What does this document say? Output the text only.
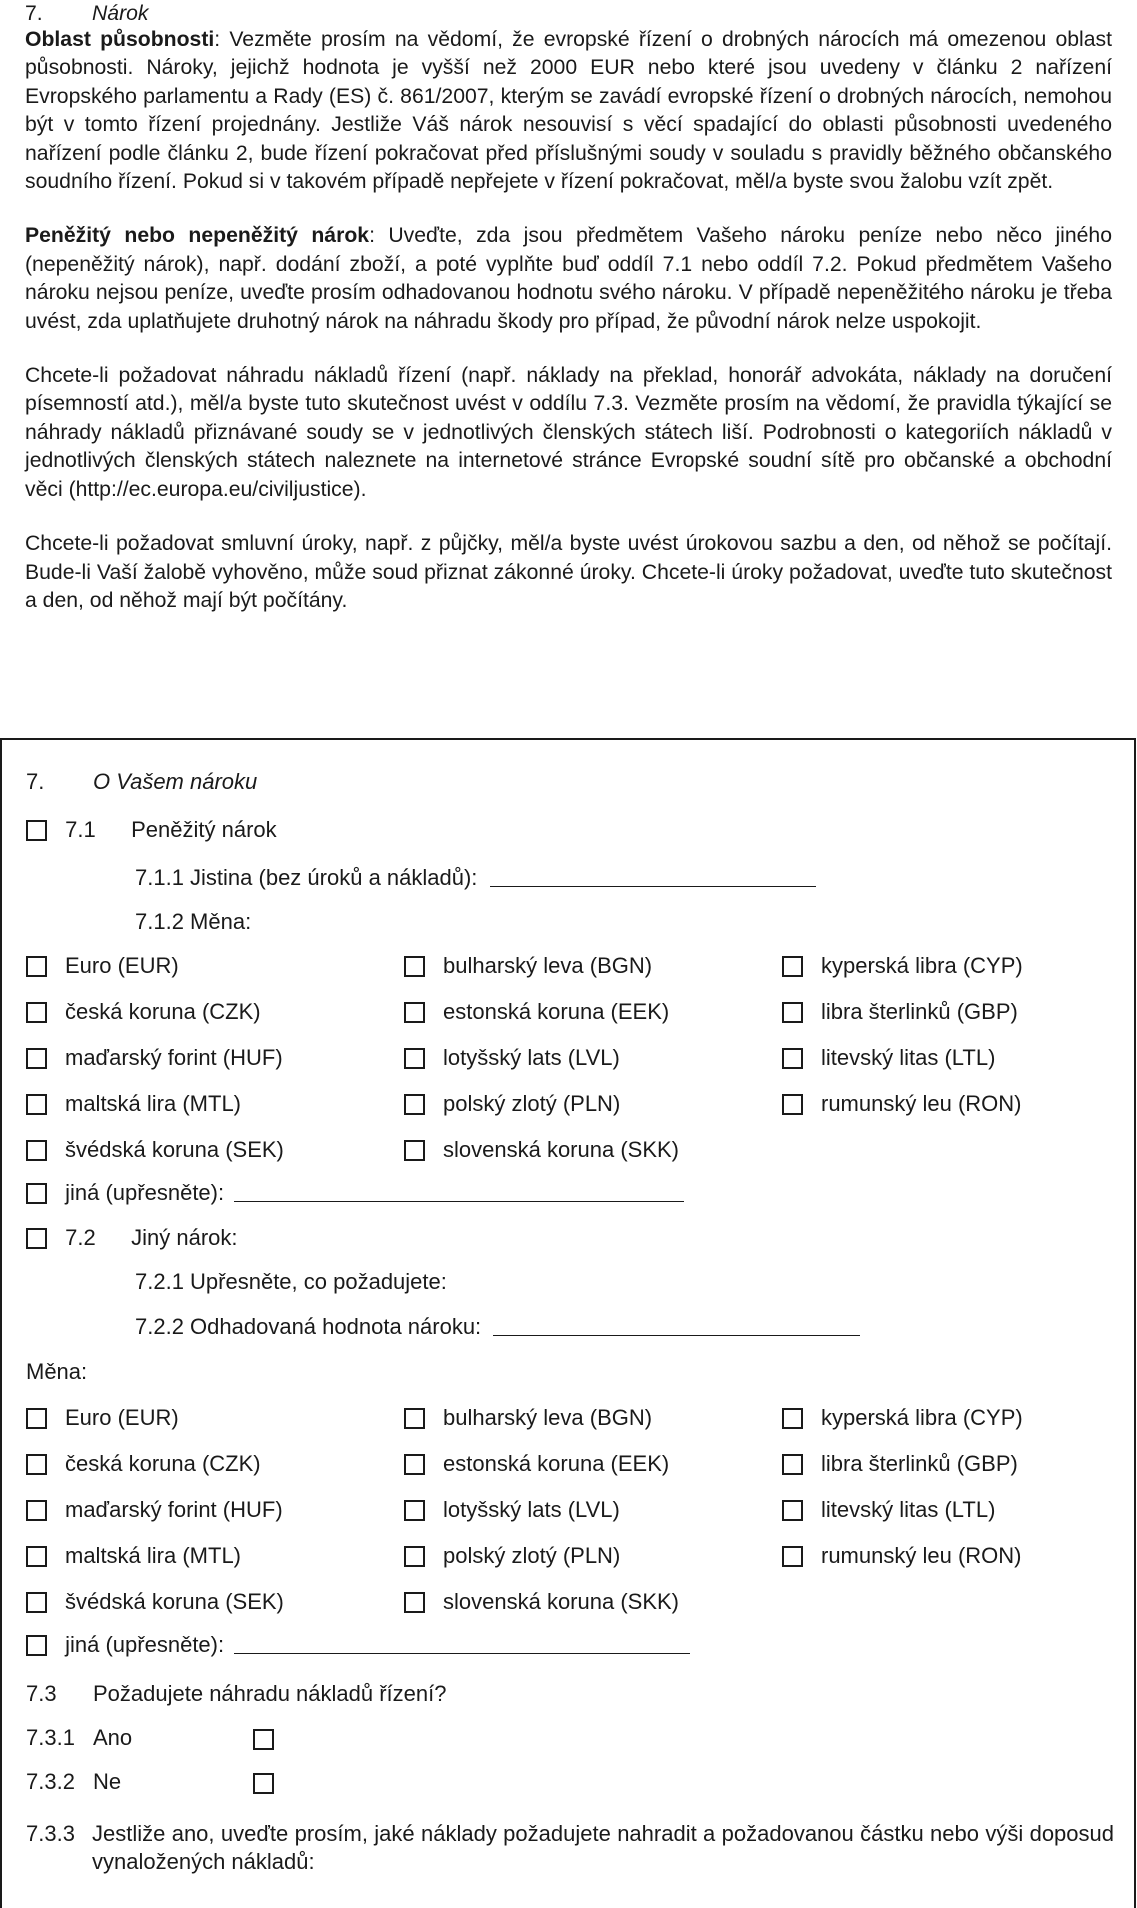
7. Nárok

Oblast působnosti: Vezměte prosím na vědomí, že evropské řízení o drobných nárocích má omezenou oblast působnosti. Nároky, jejichž hodnota je vyšší než 2000 EUR nebo které jsou uvedeny v článku 2 nařízení Evropského parlamentu a Rady (ES) č. 861/2007, kterým se zavádí evropské řízení o drobných nárocích, nemohou být v tomto řízení projednány. Jestliže Váš nárok nesouvisí s věcí spadající do oblasti působnosti uvedeného nařízení podle článku 2, bude řízení pokračovat před příslušnými soudy v souladu s pravidly běžného občanského soudního řízení. Pokud si v takovém případě nepřejete v řízení pokračovat, měl/a byste svou žalobu vzít zpět.

Peněžitý nebo nepeněžitý nárok: Uveďte, zda jsou předmětem Vašeho nároku peníze nebo něco jiného (nepeněžitý nárok), např. dodání zboží, a poté vyplňte buď oddíl 7.1 nebo oddíl 7.2. Pokud předmětem Vašeho nároku nejsou peníze, uveďte prosím odhadovanou hodnotu svého nároku. V případě nepeněžitého nároku je třeba uvést, zda uplatňujete druhotný nárok na náhradu škody pro případ, že původní nárok nelze uspokojit.

Chcete-li požadovat náhradu nákladů řízení (např. náklady na překlad, honorář advokáta, náklady na doručení písemností atd.), měl/a byste tuto skutečnost uvést v oddílu 7.3. Vezměte prosím na vědomí, že pravidla týkající se náhrady nákladů přiznávané soudy se v jednotlivých členských státech liší. Podrobnosti o kategoriích nákladů v jednotlivých členských státech naleznete na internetové stránce Evropské soudní sítě pro občanské a obchodní věci (http://ec.europa.eu/civiljustice).

Chcete-li požadovat smluvní úroky, např. z půjčky, měl/a byste uvést úrokovou sazbu a den, od něhož se počítají. Bude-li Vaší žalobě vyhověno, může soud přiznat zákonné úroky. Chcete-li úroky požadovat, uveďte tuto skutečnost a den, od něhož mají být počítány.

7. O Vašem nároku
7.1 Peněžitý nárok
7.1.1 Jistina (bez úroků a nákladů):
7.1.2 Měna:
Euro (EUR)	bulharský leva (BGN)	kyperská libra (CYP)
česká koruna (CZK)	estonská koruna (EEK)	libra šterlinků (GBP)
maďarský forint (HUF)	lotyšský lats (LVL)	litevský litas (LTL)
maltská lira (MTL)	polský zlotý (PLN)	rumunský leu (RON)
švédská koruna (SEK)	slovenská koruna (SKK)
jiná (upřesněte):
7.2 Jiný nárok:
7.2.1 Upřesněte, co požadujete:
7.2.2 Odhadovaná hodnota nároku:
Měna:
Euro (EUR)	bulharský leva (BGN)	kyperská libra (CYP)
česká koruna (CZK)	estonská koruna (EEK)	libra šterlinků (GBP)
maďarský forint (HUF)	lotyšský lats (LVL)	litevský litas (LTL)
maltská lira (MTL)	polský zlotý (PLN)	rumunský leu (RON)
švédská koruna (SEK)	slovenská koruna (SKK)
jiná (upřesněte):
7.3 Požadujete náhradu nákladů řízení?
7.3.1 Ano
7.3.2 Ne
7.3.3 Jestliže ano, uveďte prosím, jaké náklady požadujete nahradit a požadovanou částku nebo výši doposud vynaložených nákladů:
